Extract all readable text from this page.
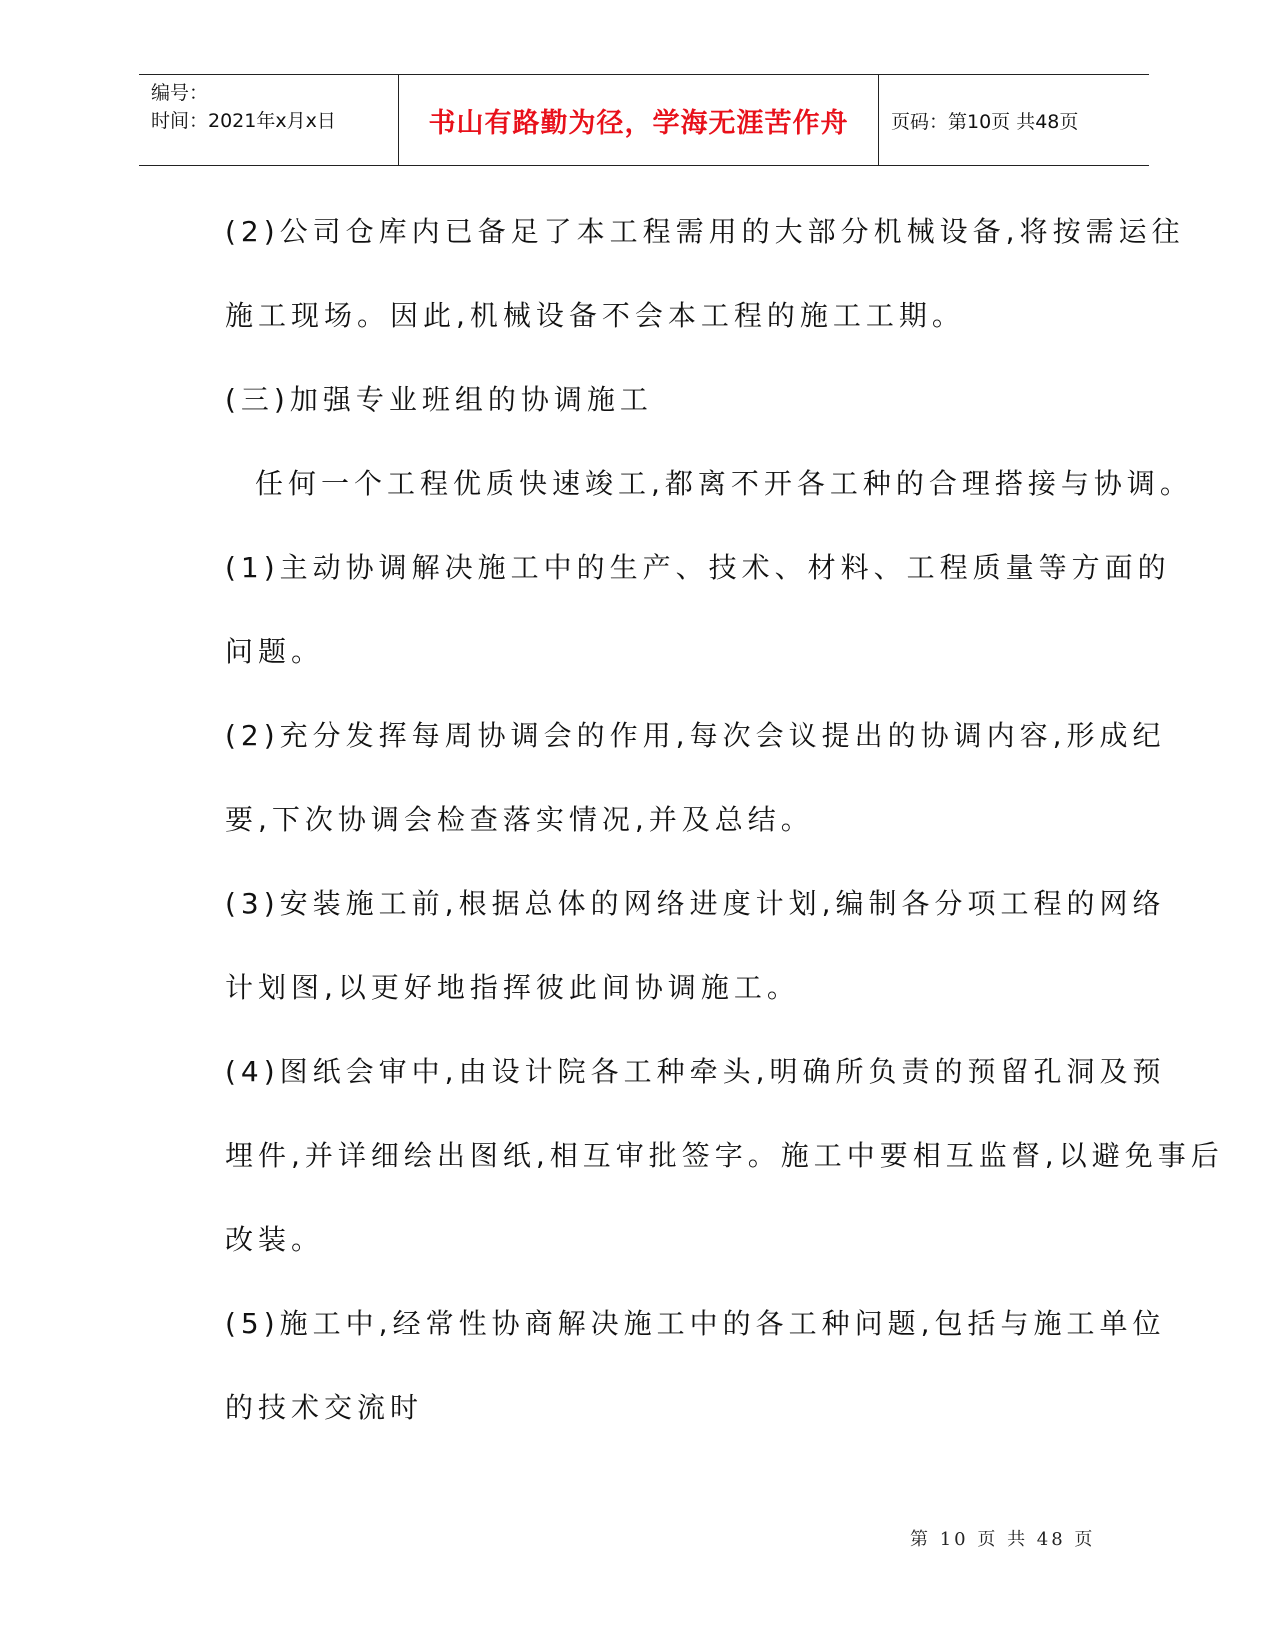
编号：
时间：2021年x月x日	书山有路勤为径，学海无涯苦作舟	页码：第10页 共48页

(2)公司仓库内已备足了本工程需用的大部分机械设备,将按需运往
施工现场。因此,机械设备不会本工程的施工工期。

(三)加强专业班组的协调施工

任何一个工程优质快速竣工,都离不开各工种的合理搭接与协调。

(1)主动协调解决施工中的生产、技术、材料、工程质量等方面的
问题。

(2)充分发挥每周协调会的作用,每次会议提出的协调内容,形成纪
要,下次协调会检查落实情况,并及总结。

(3)安装施工前,根据总体的网络进度计划,编制各分项工程的网络
计划图,以更好地指挥彼此间协调施工。

(4)图纸会审中,由设计院各工种牵头,明确所负责的预留孔洞及预
埋件,并详细绘出图纸,相互审批签字。施工中要相互监督,以避免事后
改装。

(5)施工中,经常性协商解决施工中的各工种问题,包括与施工单位
的技术交流时

第 10 页 共 48 页
